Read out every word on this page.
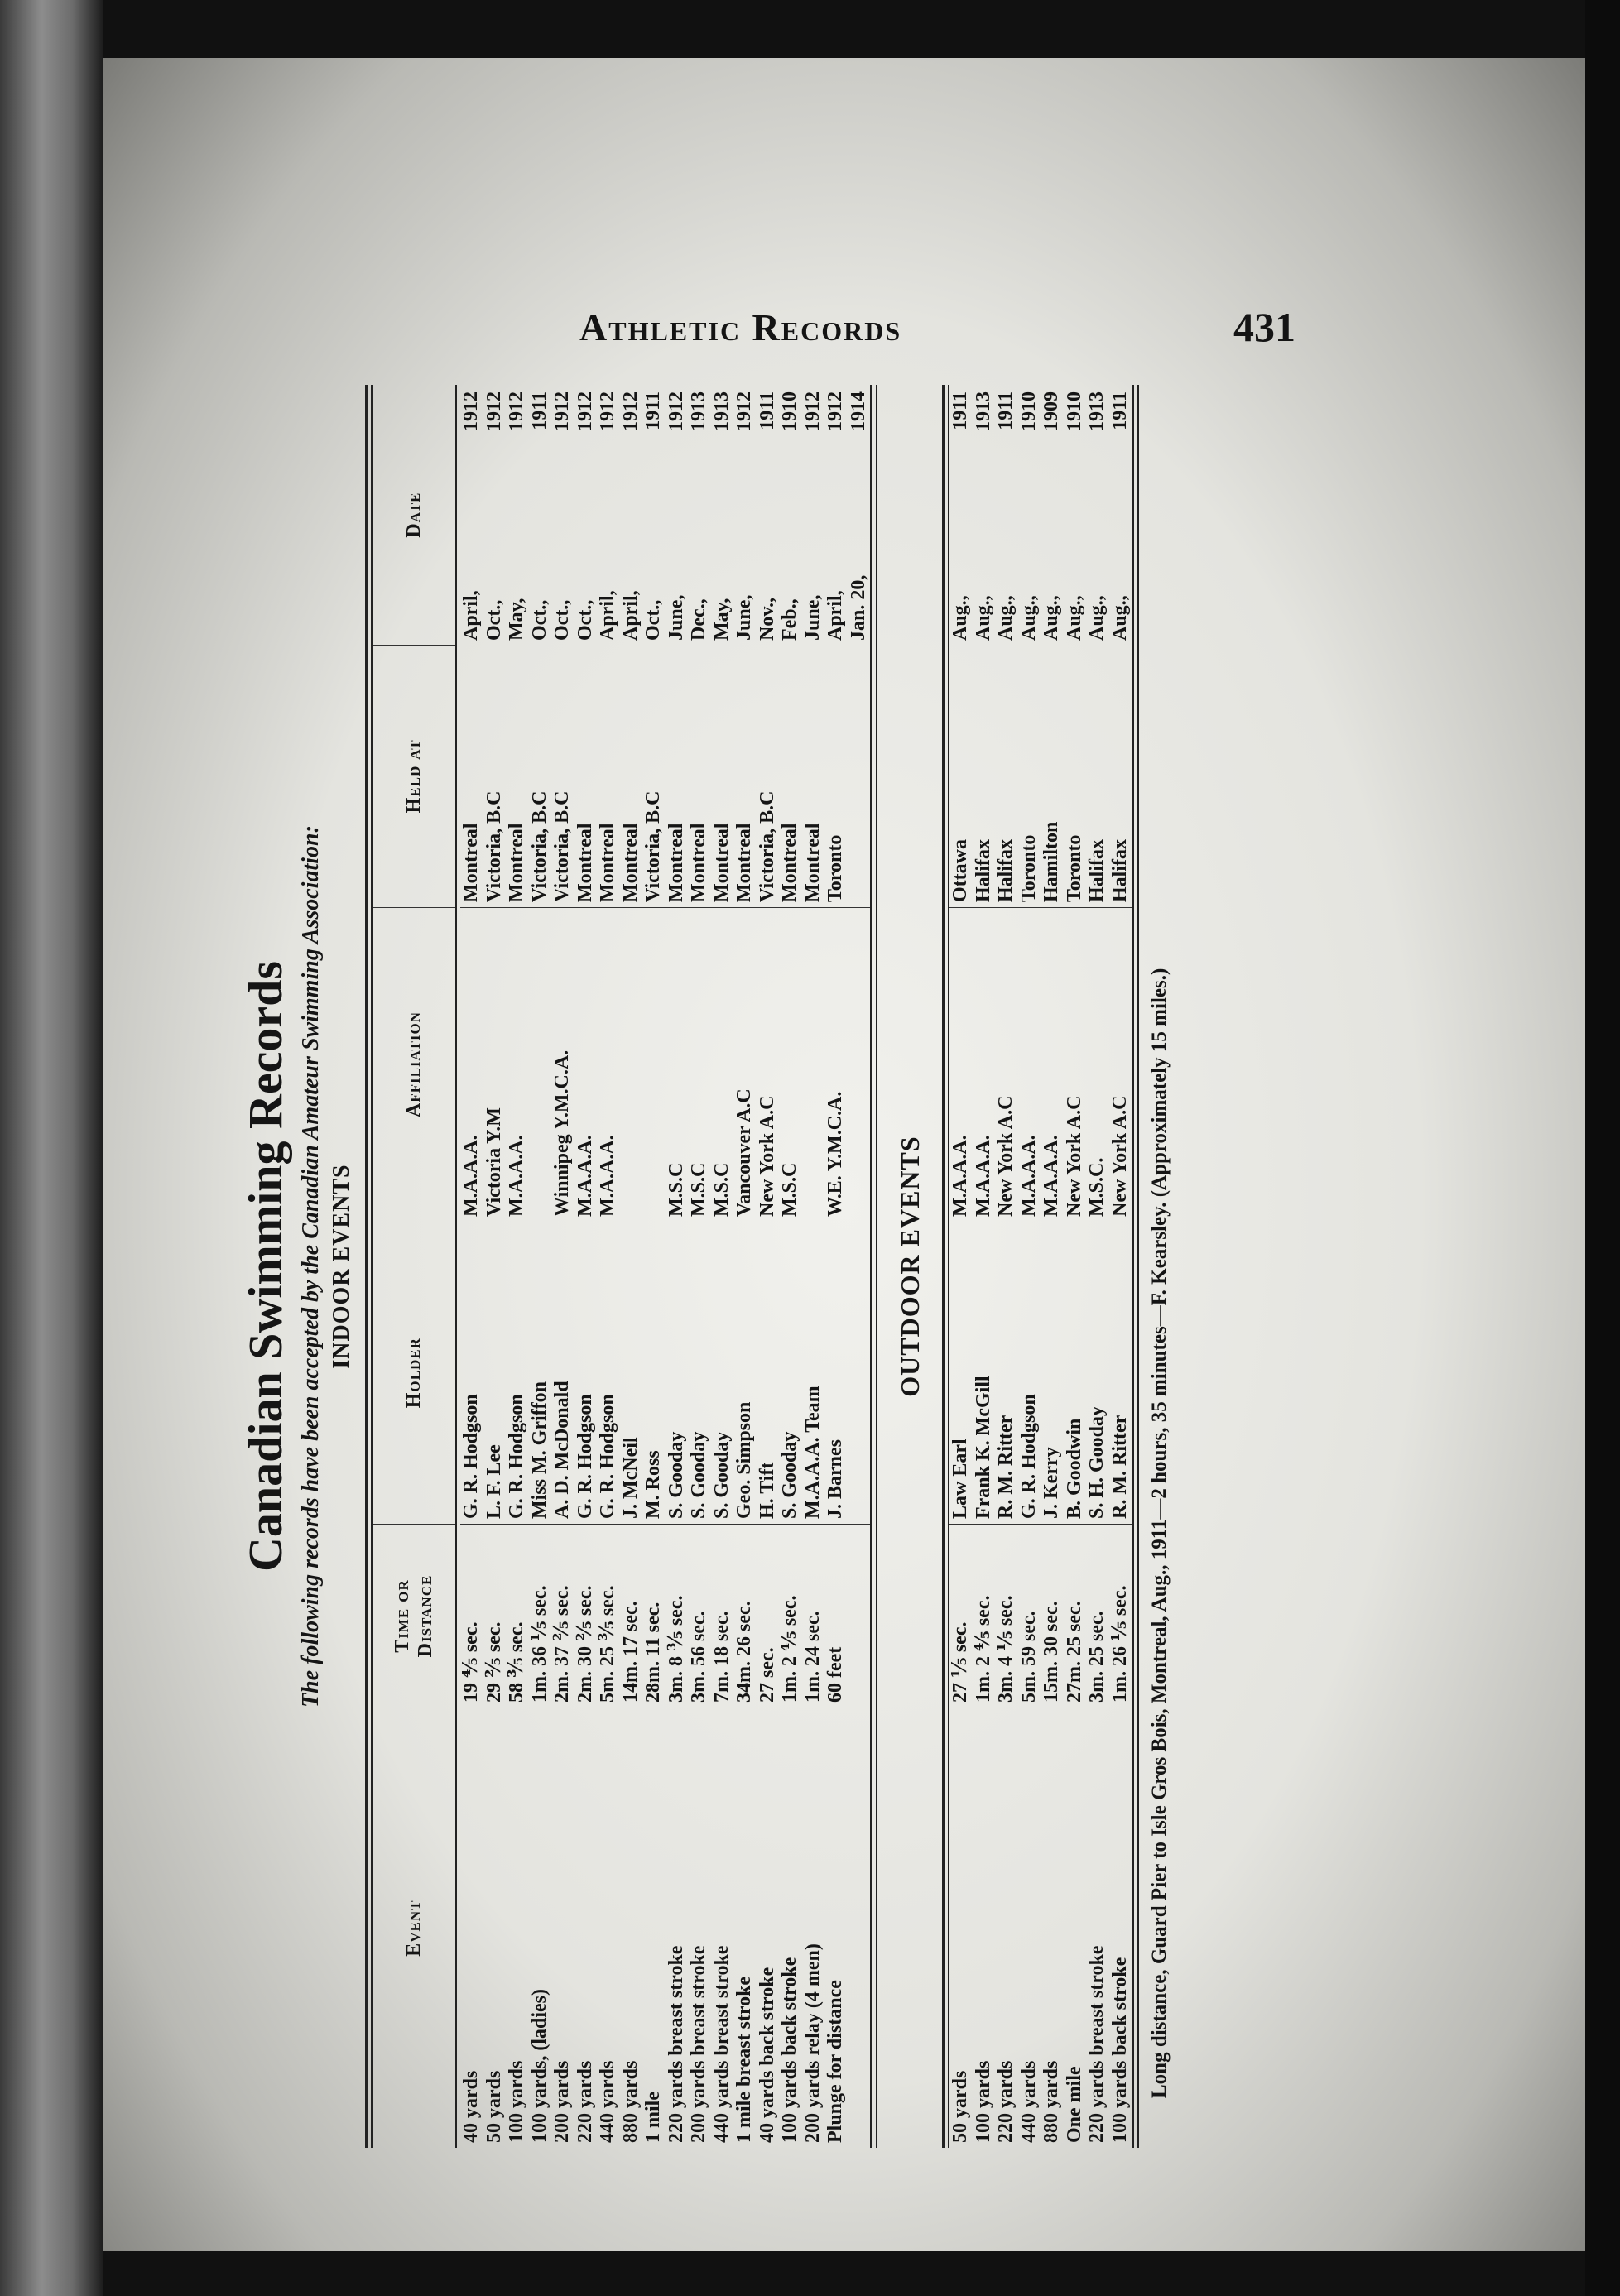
Athletic Records	431
Canadian Swimming Records The following records have been accepted by the Canadian Amateur Swimming Association: INDOOR EVENTS
Event
Time or
Distance
Holder
Affiliation
Held at
Date
40 yards
19 ⅘ sec.
G. R. Hodgson
M.A.A.A.
Montreal
April,
1912
50 yards
29 ⅖ sec.
L. F. Lee
Victoria Y.M
Victoria, B.C
Oct.,
1912
100 yards
58 ⅗ sec.
G. R. Hodgson
M.A.A.A.
Montreal
May,
1912
100 yards, (ladies)
1m. 36 ⅕ sec.
Miss M. Griffon
Victoria, B.C
Oct.,
1911
200 yards
2m. 37 ⅖ sec.
A. D. McDonald
Winnipeg Y.M.C.A.
Victoria, B.C
Oct.,
1912
220 yards
2m. 30 ⅖ sec.
G. R. Hodgson
M.A.A.A.
Montreal
Oct.,
1912
440 yards
5m. 25 ⅗ sec.
G. R. Hodgson
M.A.A.A.
Montreal
April,
1912
880 yards
14m. 17 sec.
J. McNeil
Montreal
April,
1912
1 mile
28m. 11 sec.
M. Ross
Victoria, B.C
Oct.,
1911
220 yards breast stroke
3m. 8 ⅗ sec.
S. Gooday
M.S.C
Montreal
June,
1912
200 yards breast stroke
3m. 56 sec.
S. Gooday
M.S.C
Montreal
Dec.,
1913
440 yards breast stroke
7m. 18 sec.
S. Gooday
M.S.C
Montreal
May,
1913
1 mile breast stroke
34m. 26 sec.
Geo. Simpson
Vancouver A.C
Montreal
June,
1912
40 yards back stroke
27 sec.
H. Tift
New York A.C
Victoria, B.C
Nov.,
1911
100 yards back stroke
1m. 2 ⅘ sec.
S. Gooday
M.S.C
Montreal
Feb.,
1910
200 yards relay (4 men)
1m. 24 sec.
M.A.A.A. Team
Montreal
June,
1912
Plunge for distance
60 feet
J. Barnes
W.E. Y.M.C.A.
Toronto
April,
1912
Jan. 20,
1914
OUTDOOR EVENTS
50 yards
27 ⅕ sec.
Law Earl
M.A.A.A.
Ottawa
Aug.,
1911
100 yards
1m. 2 ⅘ sec.
Frank K. McGill
M.A.A.A.
Halifax
Aug.,
1913
220 yards
3m. 4 ⅕ sec.
R. M. Ritter
New York A.C
Halifax
Aug.,
1911
440 yards
5m. 59 sec.
G. R. Hodgson
M.A.A.A.
Toronto
Aug.,
1910
880 yards
15m. 30 sec.
J. Kerry
M.A.A.A.
Hamilton
Aug.,
1909
One mile
27m. 25 sec.
B. Goodwin
New York A.C
Toronto
Aug.,
1910
220 yards breast stroke
3m. 25 sec.
S. H. Gooday
M.S.C.
Halifax
Aug.,
1913
100 yards back stroke
1m. 26 ⅕ sec.
R. M. Ritter
New York A.C
Halifax
Aug.,
1911
Long distance, Guard Pier to Isle Gros Bois, Montreal, Aug., 1911—2 hours, 35 minutes—F. Kearsley. (Approximately 15 miles.)
